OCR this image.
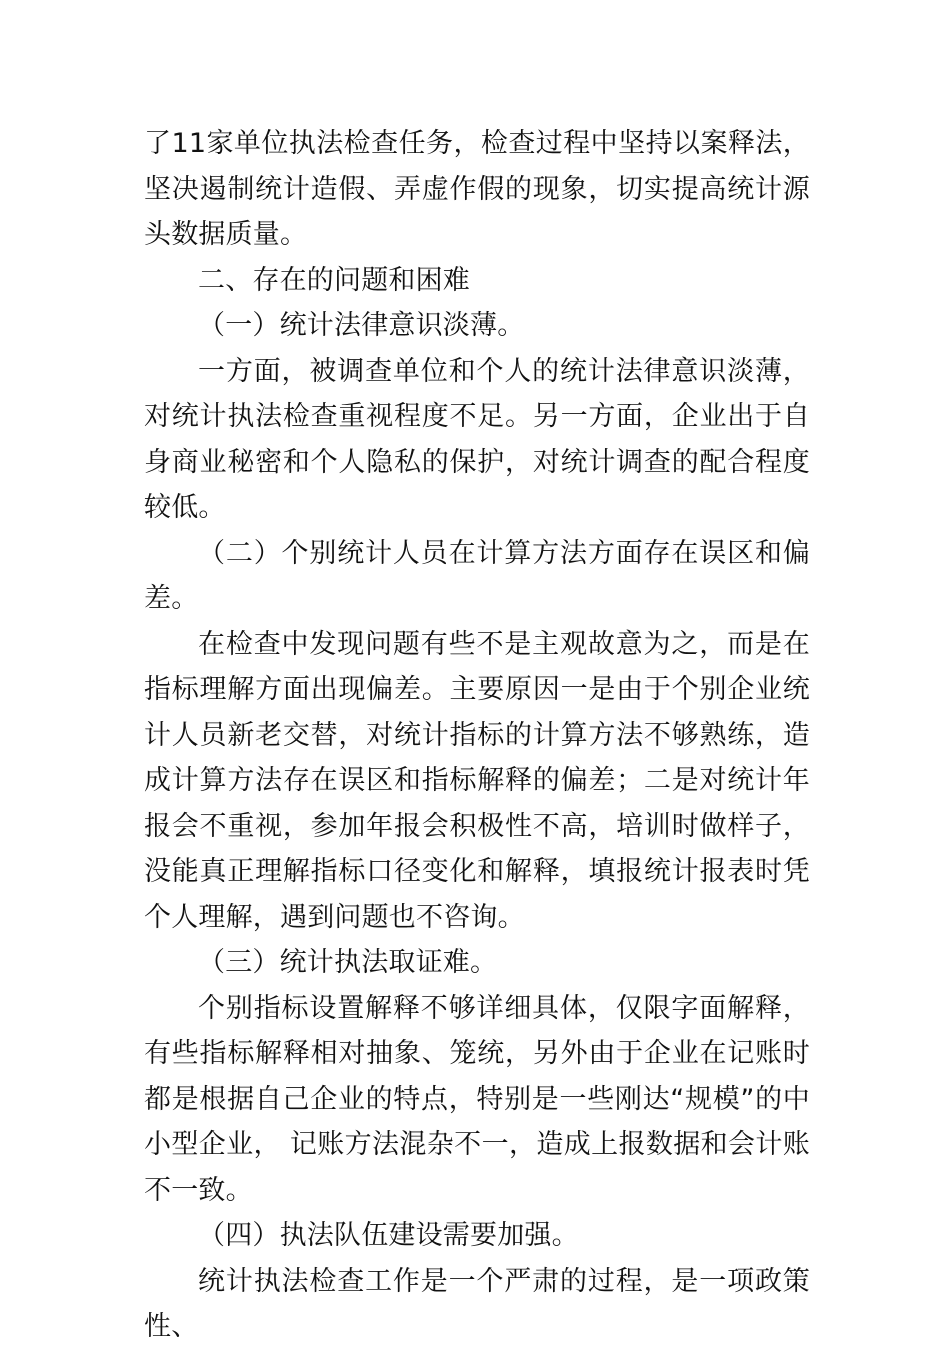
了11家单位执法检查任务，检查过程中坚持以案释法，坚决遏制统计造假、弄虚作假的现象，切实提高统计源头数据质量。

二、存在的问题和困难

（一）统计法律意识淡薄。

一方面，被调查单位和个人的统计法律意识淡薄，对统计执法检查重视程度不足。另一方面，企业出于自身商业秘密和个人隐私的保护，对统计调查的配合程度较低。

（二）个别统计人员在计算方法方面存在误区和偏差。

在检查中发现问题有些不是主观故意为之，而是在指标理解方面出现偏差。主要原因一是由于个别企业统计人员新老交替，对统计指标的计算方法不够熟练，造成计算方法存在误区和指标解释的偏差；二是对统计年报会不重视，参加年报会积极性不高，培训时做样子，没能真正理解指标口径变化和解释，填报统计报表时凭个人理解，遇到问题也不咨询。

（三）统计执法取证难。

个别指标设置解释不够详细具体，仅限字面解释，有些指标解释相对抽象、笼统，另外由于企业在记账时都是根据自己企业的特点，特别是一些刚达“规模”的中小型企业， 记账方法混杂不一，造成上报数据和会计账不一致。

（四）执法队伍建设需要加强。

统计执法检查工作是一个严肃的过程，是一项政策性、
